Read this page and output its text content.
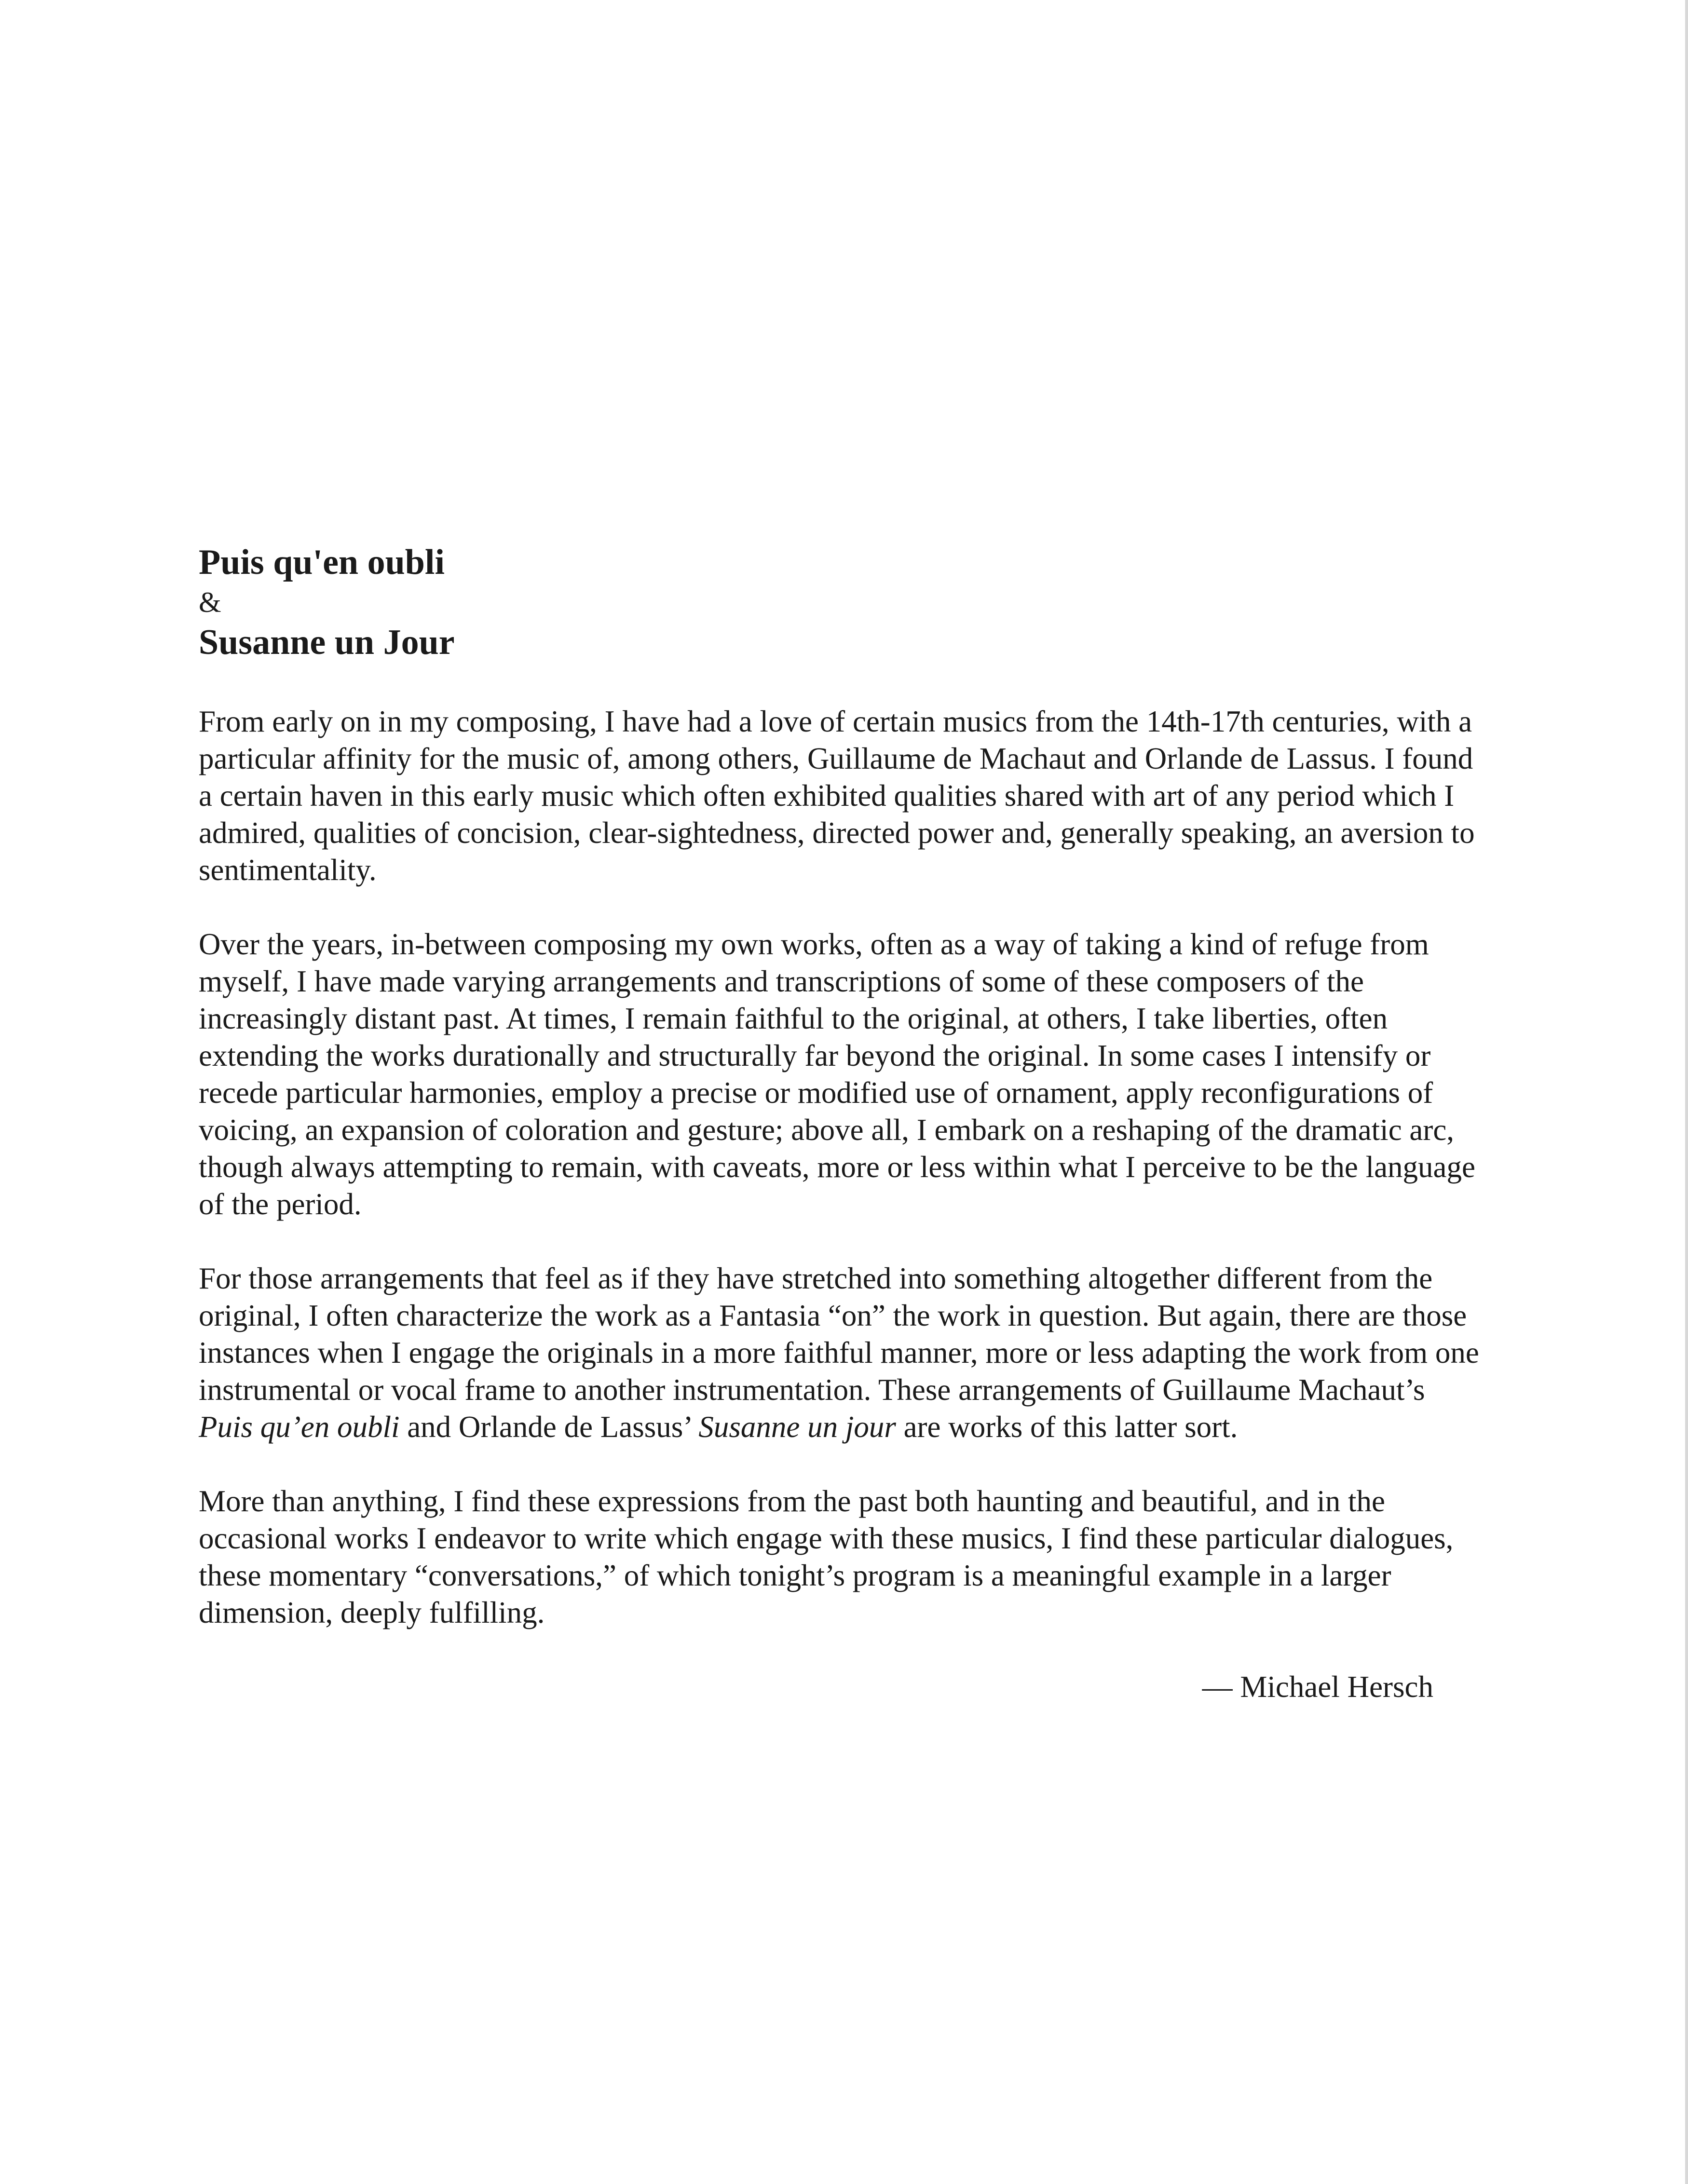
Puis qu'en oubli

&

Susanne un Jour

From early on in my composing, I have had a love of certain musics from the 14th-17th centuries, with a particular affinity for the music of, among others, Guillaume de Machaut and Orlande de Lassus. I found a certain haven in this early music which often exhibited qualities shared with art of any period which I admired, qualities of concision, clear-sightedness, directed power and, generally speaking, an aversion to sentimentality.

Over the years, in-between composing my own works, often as a way of taking a kind of refuge from myself, I have made varying arrangements and transcriptions of some of these composers of the increasingly distant past. At times, I remain faithful to the original, at others, I take liberties, often extending the works durationally and structurally far beyond the original. In some cases I intensify or recede particular harmonies, employ a precise or modified use of ornament, apply reconfigurations of voicing, an expansion of coloration and gesture; above all, I embark on a reshaping of the dramatic arc, though always attempting to remain, with caveats, more or less within what I perceive to be the language of the period.

For those arrangements that feel as if they have stretched into something altogether different from the original, I often characterize the work as a Fantasia “on” the work in question. But again, there are those instances when I engage the originals in a more faithful manner, more or less adapting the work from one instrumental or vocal frame to another instrumentation. These arrangements of Guillaume Machaut’s Puis qu’en oubli and Orlande de Lassus’ Susanne un jour are works of this latter sort.

More than anything, I find these expressions from the past both haunting and beautiful, and in the occasional works I endeavor to write which engage with these musics, I find these particular dialogues, these momentary “conversations,” of which tonight’s program is a meaningful example in a larger dimension, deeply fulfilling.

— Michael Hersch
